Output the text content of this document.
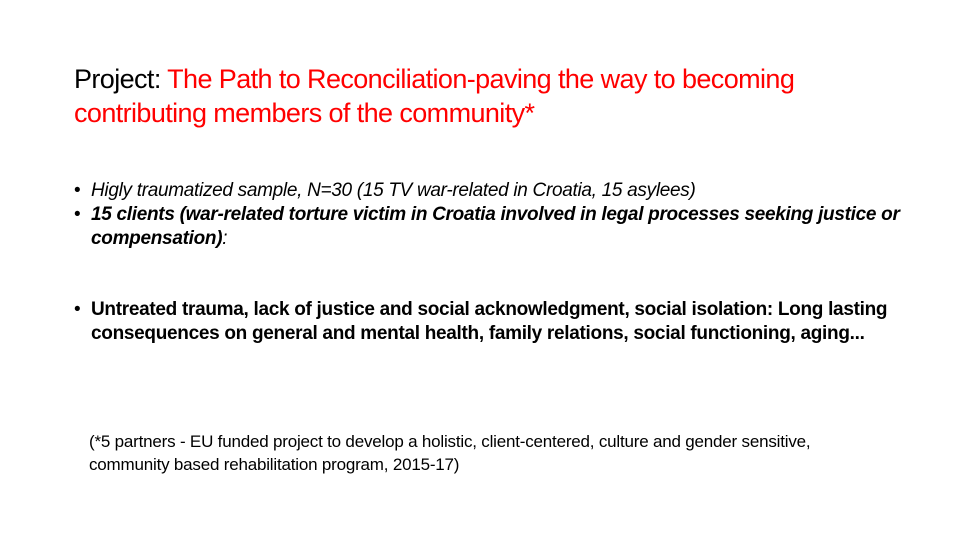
Project: The Path to Reconciliation-paving the way to becoming contributing members of the community*
• Higly traumatized sample, N=30 (15 TV war-related in Croatia, 15 asylees)
• 15 clients (war-related torture victim in Croatia involved in legal processes seeking justice or compensation):
• Untreated trauma, lack of justice and social acknowledgment, social isolation: Long lasting consequences on general and mental health, family relations, social functioning, aging...

(*5 partners - EU funded project to develop a holistic, client-centered, culture and gender sensitive, community based rehabilitation program, 2015-17)
